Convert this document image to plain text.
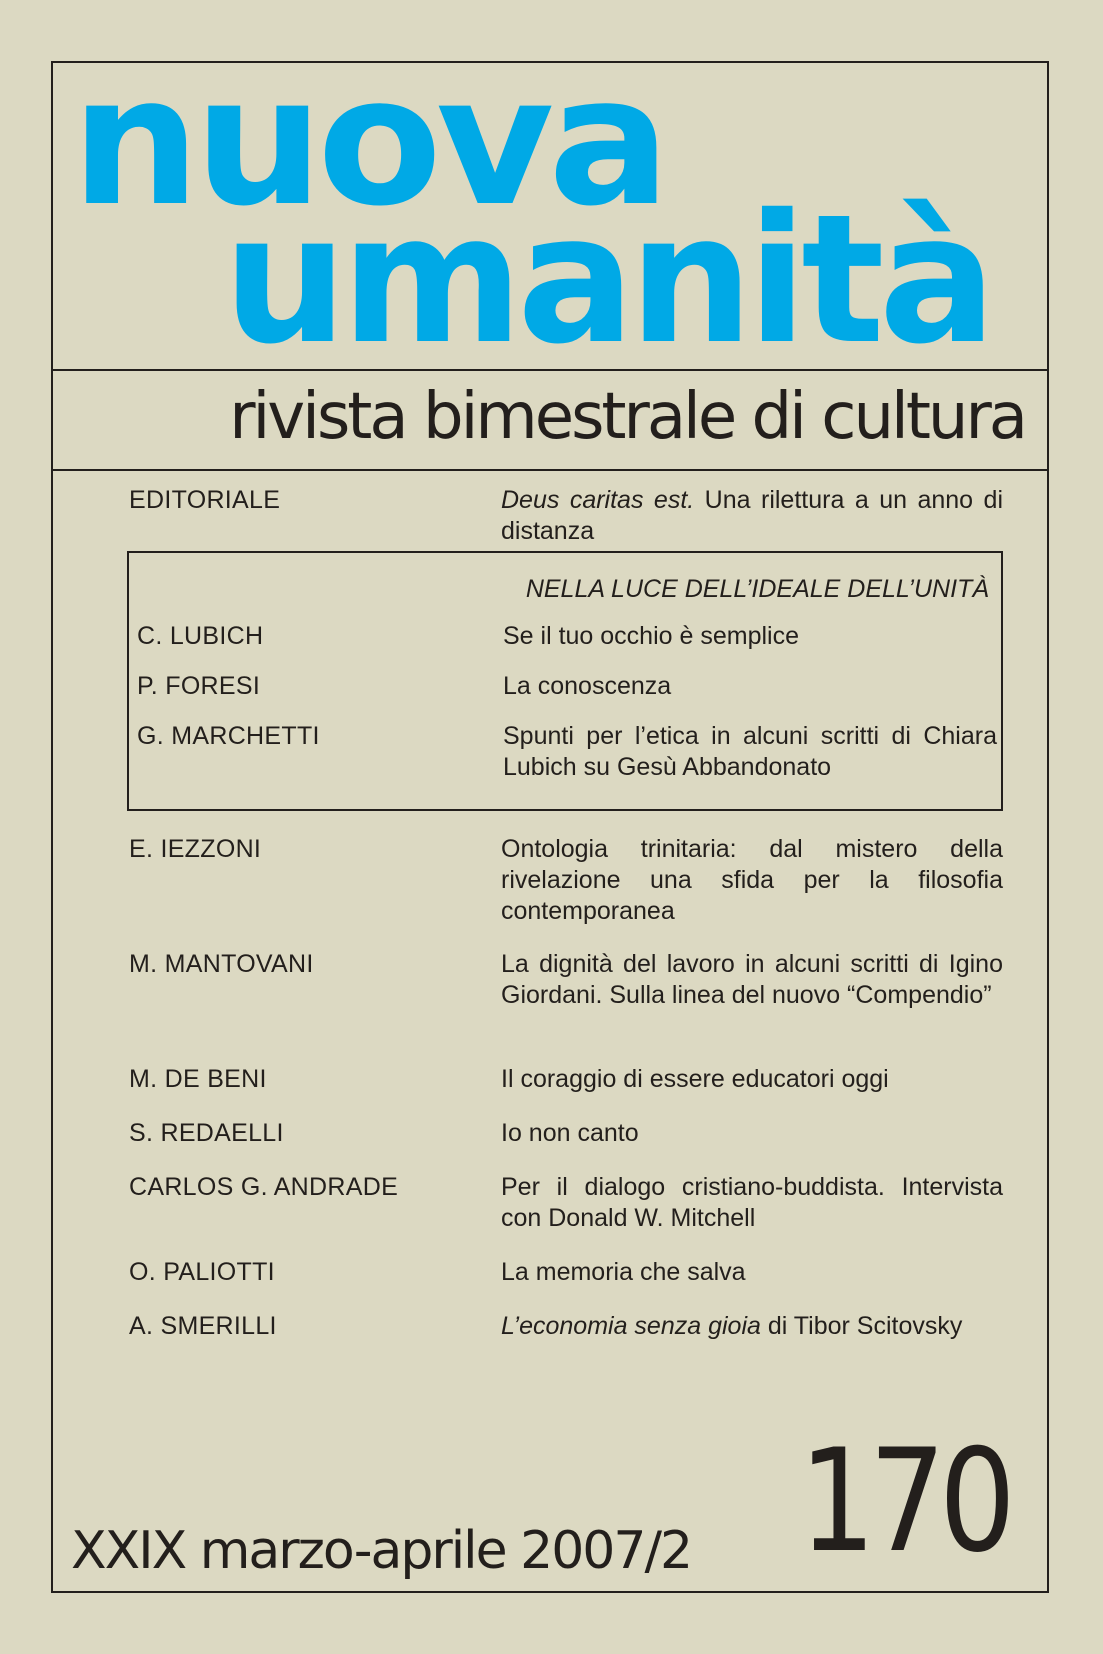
nuova
umanità
rivista bimestrale di cultura
EDITORIALE	Deus caritas est. Una rilettura a un anno di distanza
NELLA LUCE DELL’IDEALE DELL’UNITÀ
C. LUBICH	Se il tuo occhio è semplice
P. FORESI	La conoscenza
G. MARCHETTI	Spunti per l’etica in alcuni scritti di Chiara Lubich su Gesù Abbandonato
E. IEZZONI	Ontologia trinitaria: dal mistero della rivelazione una sfida per la filosofia contemporanea
M. MANTOVANI	La dignità del lavoro in alcuni scritti di Igino Giordani. Sulla linea del nuovo “Compendio”
M. DE BENI	Il coraggio di essere educatori oggi
S. REDAELLI	Io non canto
CARLOS G. ANDRADE	Per il dialogo cristiano-buddista. Intervista con Donald W. Mitchell
O. PALIOTTI	La memoria che salva
A. SMERILLI	L’economia senza gioia di Tibor Scitovsky
XXIX marzo-aprile 2007/2 170
